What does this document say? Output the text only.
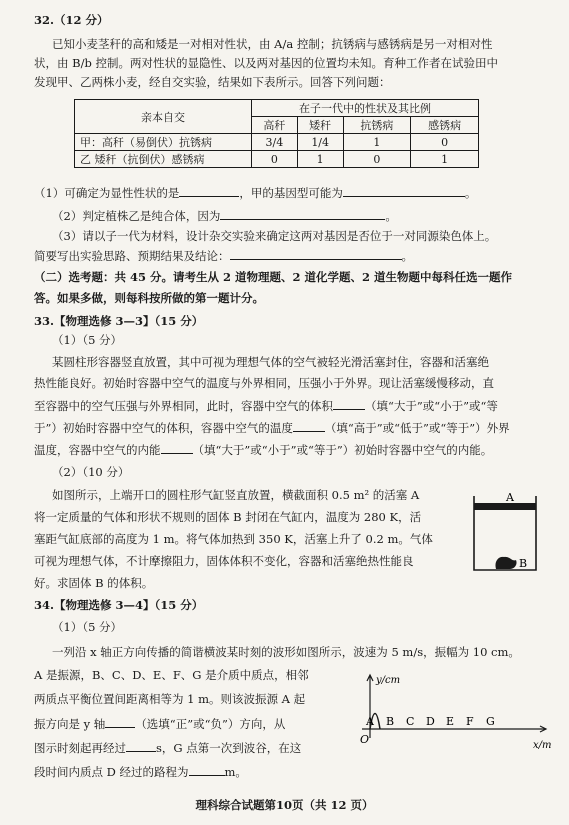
32.（12 分）
已知小麦茎秆的高和矮是一对相对性状，由 A/a 控制；抗锈病与感锈病是另一对相对性
状，由 B/b 控制。两对性状的显隐性、以及两对基因的位置均未知。育种工作者在试验田中
发现甲、乙两株小麦，经自交实验，结果如下表所示。回答下列问题：
亲本自交	在子一代中的性状及其比例			
	高秆	矮秆	抗锈病	感锈病
甲：高秆（易倒伏）抗锈病	3/4	1/4	1	0
乙 矮秆（抗倒伏）感锈病	0	1	0	1
（1）可确定为显性性状的是	，甲的基因型可能为	。
（2）判定植株乙是纯合体，因为	。
（3）请以子一代为材料，设计杂交实验来确定这两对基因是否位于一对同源染色体上。
简要写出实验思路、预期结果及结论：	。
（二）选考题：共 45 分。请考生从 2 道物理题、2 道化学题、2 道生物题中每科任选一题作
答。如果多做，则每科按所做的第一题计分。
33.【物理选修 3—3】（15 分）
（1）（5 分）
某圆柱形容器竖直放置，其中可视为理想气体的空气被轻光滑活塞封住，容器和活塞绝
热性能良好。初始时容器中空气的温度与外界相同，压强小于外界。现让活塞缓慢移动，直
至容器中的空气压强与外界相同，此时，容器中空气的体积	（填“大于”或“小于”或“等
于”）初始时容器中空气的体积，容器中空气的温度	（填“高于”或“低于”或“等于”）外界
温度，容器中空气的内能	（填“大于”或“小于”或“等于”）初始时容器中空气的内能。
（2）（10 分）
如图所示，上端开口的圆柱形气缸竖直放置，横截面积 0.5 m² 的活塞 A
将一定质量的气体和形状不规则的固体 B 封闭在气缸内，温度为 280 K，活
塞距气缸底部的高度为 1 m。将气体加热到 350 K，活塞上升了 0.2 m。气体
可视为理想气体，不计摩擦阻力，固体体积不变化，容器和活塞绝热性能良
好。求固体 B 的体积。
A
B
34.【物理选修 3—4】（15 分）
（1）（5 分）
一列沿 x 轴正方向传播的简谐横波某时刻的波形如图所示，波速为 5 m/s，振幅为 10 cm。
A 是振源，B、C、D、E、F、G 是介质中质点，相邻
两质点平衡位置间距离相等为 1 m。则该波振源 A 起
振方向是 y 轴	（选填“正”或“负”）方向，从
图示时刻起再经过	s，G 点第一次到波谷，在这
段时间内质点 D 经过的路程为	m。
y/cm
x/m
O
A B C D E F G
理科综合试题第10页（共 12 页）
